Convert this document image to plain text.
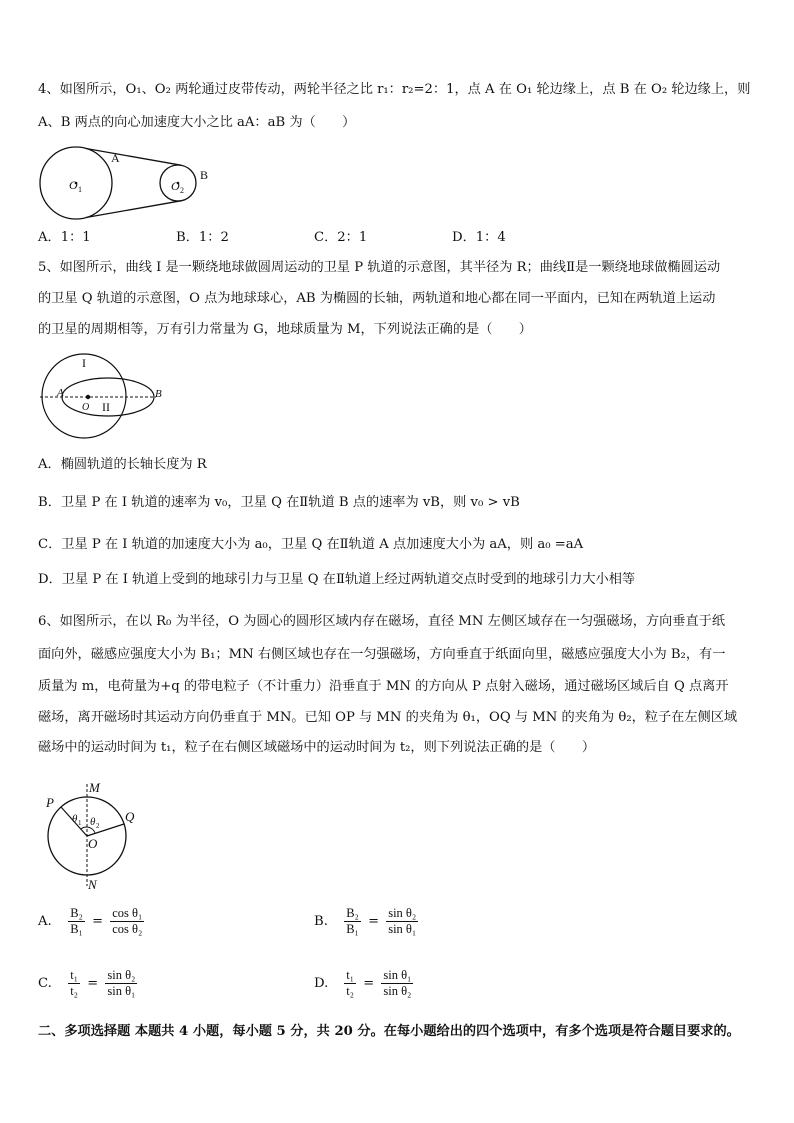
4、如图所示，O₁、O₂ 两轮通过皮带传动，两轮半径之比 r₁：r₂=2：1，点 A 在 O₁ 轮边缘上，点 B 在 O₂ 轮边缘上，则
A、B 两点的向心加速度大小之比 aA：aB 为（　　）
O 1	O 2
A
B
A．1：1	B．1：2	C．2：1	D．1：4
5、如图所示，曲线 I 是一颗绕地球做圆周运动的卫星 P 轨道的示意图，其半径为 R；曲线Ⅱ是一颗绕地球做椭圆运动
的卫星 Q 轨道的示意图，O 点为地球球心，AB 为椭圆的长轴，两轨道和地心都在同一平面内，已知在两轨道上运动
的卫星的周期相等，万有引力常量为 G，地球质量为 M，下列说法正确的是（　　）
I
II
A	B
O
A．椭圆轨道的长轴长度为 R
B．卫星 P 在 I 轨道的速率为 v₀，卫星 Q 在Ⅱ轨道 B 点的速率为 vB，则 v₀ > vB
C．卫星 P 在 I 轨道的加速度大小为 a₀，卫星 Q 在Ⅱ轨道 A 点加速度大小为 aA，则 a₀ =aA
D．卫星 P 在 I 轨道上受到的地球引力与卫星 Q 在Ⅱ轨道上经过两轨道交点时受到的地球引力大小相等
6、如图所示，在以 R₀ 为半径，O 为圆心的圆形区域内存在磁场，直径 MN 左侧区域存在一匀强磁场，方向垂直于纸
面向外，磁感应强度大小为 B₁；MN 右侧区域也存在一匀强磁场，方向垂直于纸面向里，磁感应强度大小为 B₂，有一
质量为 m，电荷量为+q 的带电粒子（不计重力）沿垂直于 MN 的方向从 P 点射入磁场，通过磁场区域后自 Q 点离开
磁场，离开磁场时其运动方向仍垂直于 MN。已知 OP 与 MN 的夹角为 θ₁，OQ 与 MN 的夹角为 θ₂，粒子在左侧区域
磁场中的运动时间为 t₁，粒子在右侧区域磁场中的运动时间为 t₂，则下列说法正确的是（　　）
M
N
P
Q
O
θ 1 θ 2
A. $\frac{\text{B₂}}{\text{B₁}} = \frac{\text{cos θ₁}}{\text{cos θ₂}}$	B. $\frac{\text{B₂}}{\text{B₁}} = \frac{\text{sin θ₂}}{\text{sin θ₁}}$
C. $\frac{\text{t₁}}{\text{t₂}} = \frac{\text{sin θ₂}}{\text{sin θ₁}}$	D. $\frac{\text{t₁}}{\text{t₂}} = \frac{\text{sin θ₁}}{\text{sin θ₂}}$
二、多项选择题 本题共 4 小题，每小题 5 分，共 20 分。在每小题给出的四个选项中，有多个选项是符合题目要求的。
